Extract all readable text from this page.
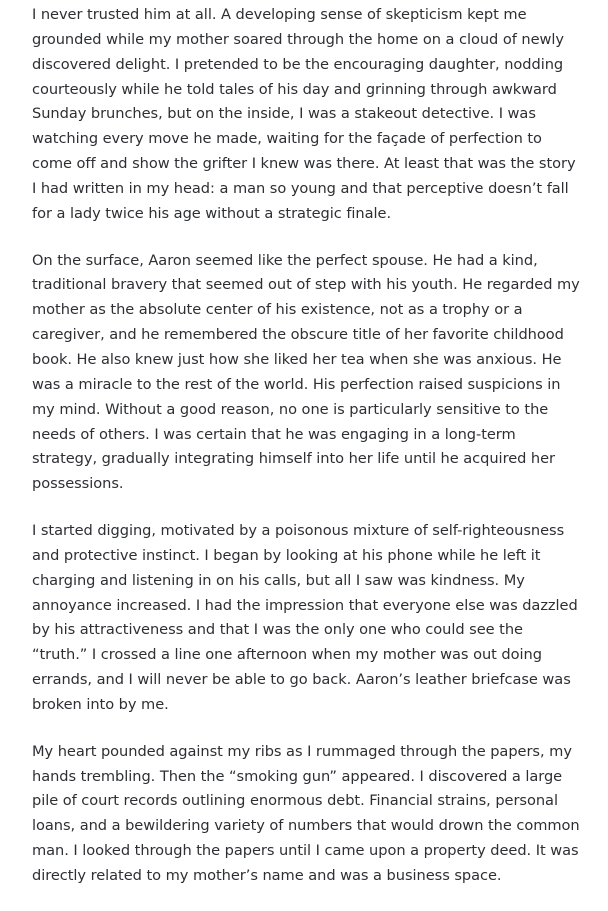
I never trusted him at all. A developing sense of skepticism kept me grounded while my mother soared through the home on a cloud of newly discovered delight. I pretended to be the encouraging daughter, nodding courteously while he told tales of his day and grinning through awkward Sunday brunches, but on the inside, I was a stakeout detective. I was watching every move he made, waiting for the façade of perfection to come off and show the grifter I knew was there. At least that was the story I had written in my head: a man so young and that perceptive doesn’t fall for a lady twice his age without a strategic finale.

On the surface, Aaron seemed like the perfect spouse. He had a kind, traditional bravery that seemed out of step with his youth. He regarded my mother as the absolute center of his existence, not as a trophy or a caregiver, and he remembered the obscure title of her favorite childhood book. He also knew just how she liked her tea when she was anxious. He was a miracle to the rest of the world. His perfection raised suspicions in my mind. Without a good reason, no one is particularly sensitive to the needs of others. I was certain that he was engaging in a long-term strategy, gradually integrating himself into her life until he acquired her possessions.

I started digging, motivated by a poisonous mixture of self-righteousness and protective instinct. I began by looking at his phone while he left it charging and listening in on his calls, but all I saw was kindness. My annoyance increased. I had the impression that everyone else was dazzled by his attractiveness and that I was the only one who could see the “truth.” I crossed a line one afternoon when my mother was out doing errands, and I will never be able to go back. Aaron’s leather briefcase was broken into by me.

My heart pounded against my ribs as I rummaged through the papers, my hands trembling. Then the “smoking gun” appeared. I discovered a large pile of court records outlining enormous debt. Financial strains, personal loans, and a bewildering variety of numbers that would drown the common man. I looked through the papers until I came upon a property deed. It was directly related to my mother’s name and was a business space.
